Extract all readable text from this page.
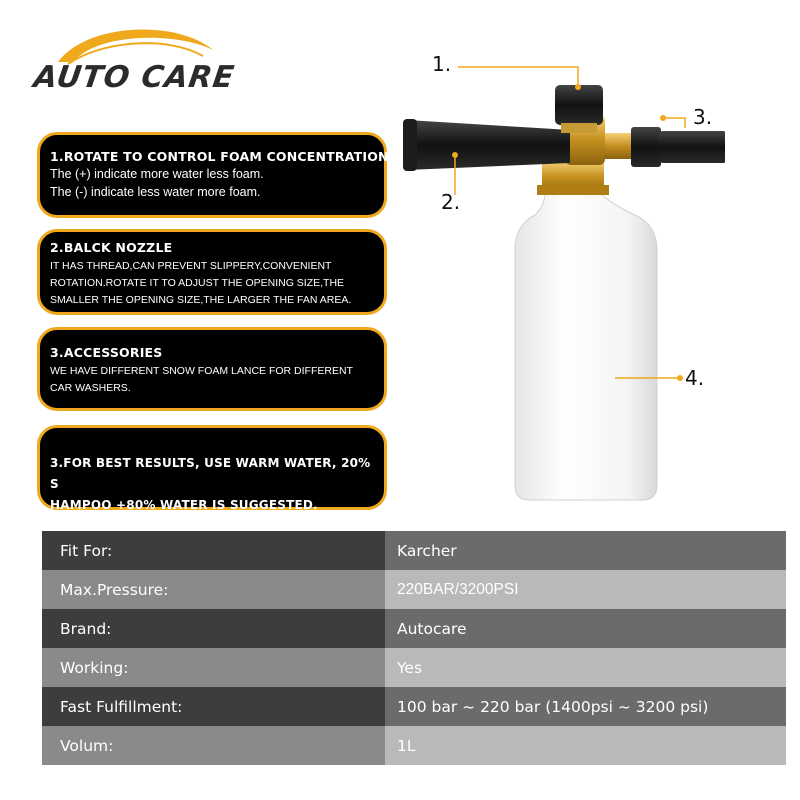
AUTO CARE
1.ROTATE TO CONTROL FOAM CONCENTRATION
The (+) indicate more water less foam.
The (-) indicate less water more foam.
2.BALCK NOZZLE
IT HAS THREAD,CAN PREVENT SLIPPERY,CONVENIENT
ROTATION.ROTATE IT TO ADJUST THE OPENING SIZE,THE
SMALLER THE OPENING SIZE,THE LARGER THE FAN AREA.
3.ACCESSORIES
WE HAVE DIFFERENT SNOW FOAM LANCE FOR DIFFERENT
CAR WASHERS.
3.FOR BEST RESULTS, USE WARM WATER, 20% S
HAMPOO +80% WATER IS SUGGESTED.
1.
2.
3.
4.
Fit For:	Karcher
Max.Pressure:	220BAR/3200PSI
Brand:	Autocare
Working:	Yes
Fast Fulfillment:	100 bar ~ 220 bar (1400psi ~ 3200 psi)
Volum:	1L
